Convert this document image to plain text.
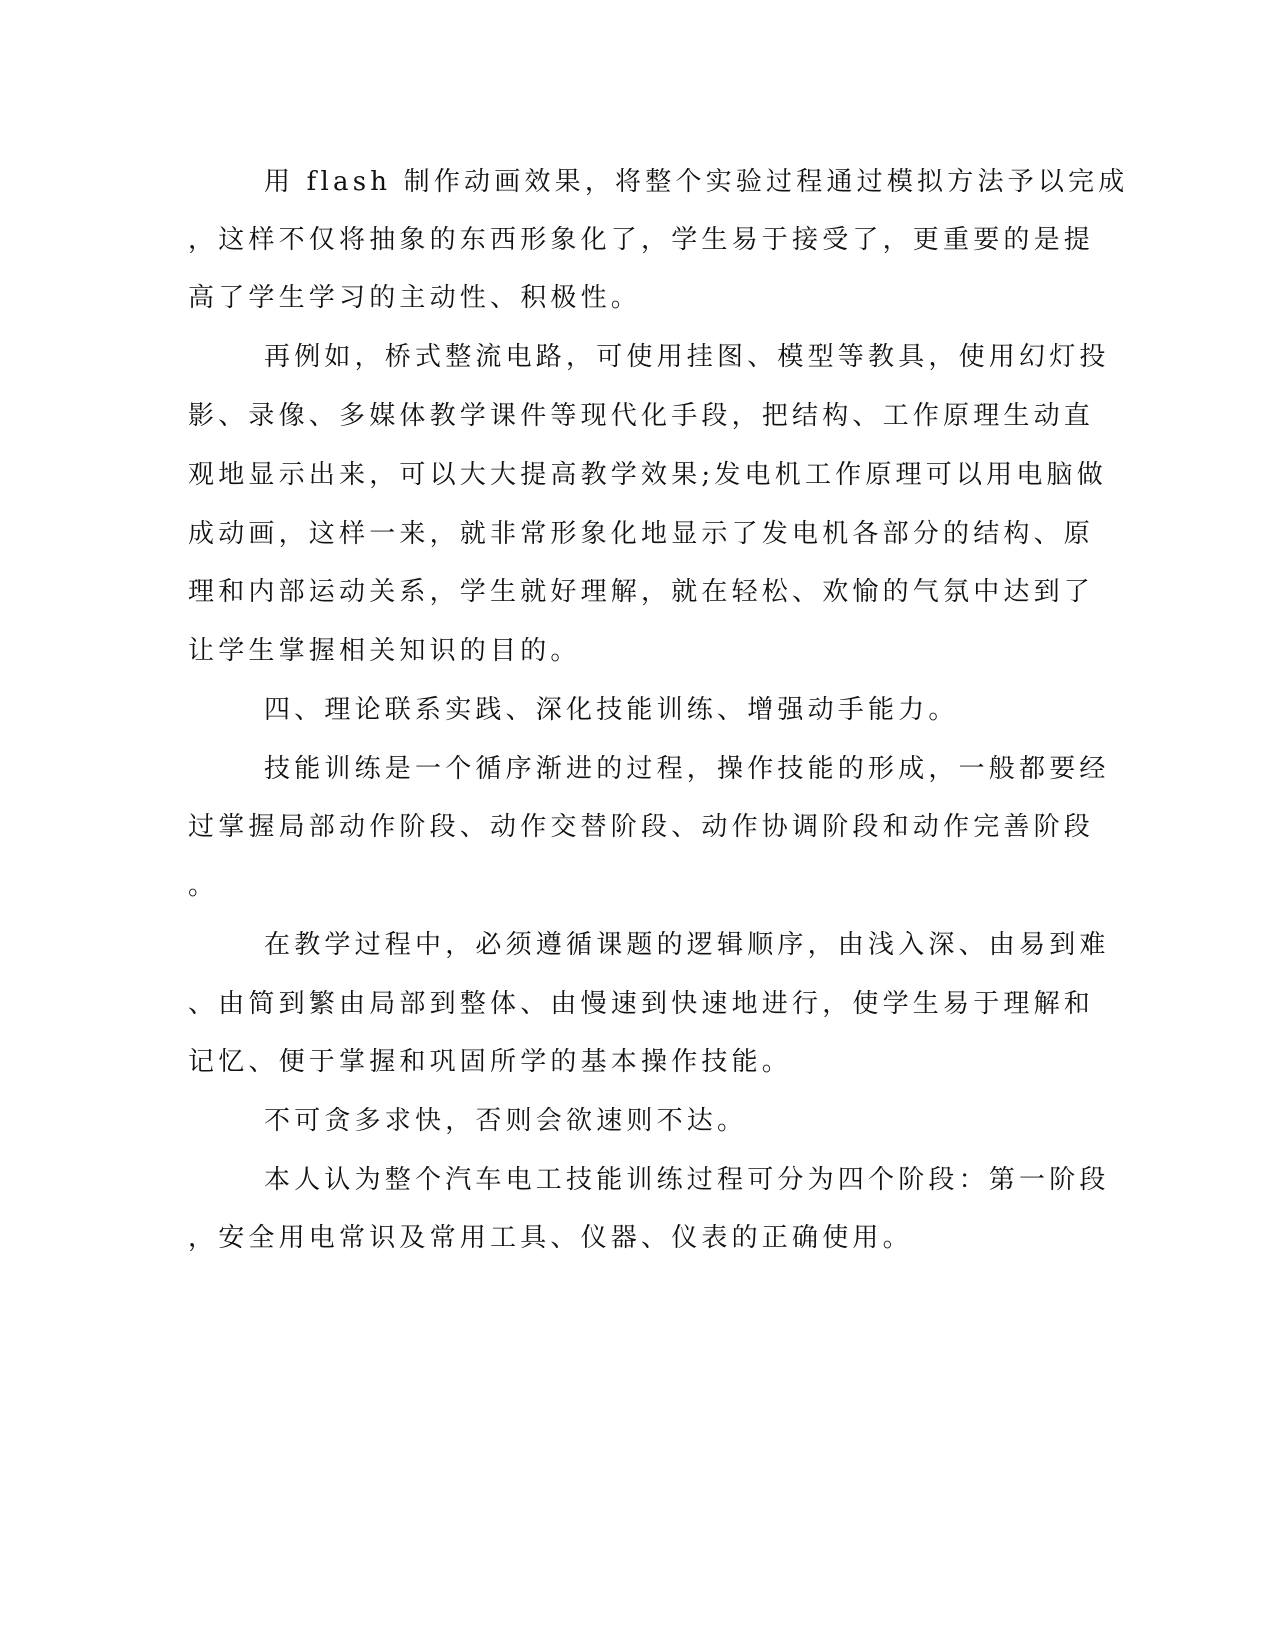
用 flash 制作动画效果，将整个实验过程通过模拟方法予以完成
，这样不仅将抽象的东西形象化了，学生易于接受了，更重要的是提
高了学生学习的主动性、积极性。
再例如，桥式整流电路，可使用挂图、模型等教具，使用幻灯投
影、录像、多媒体教学课件等现代化手段，把结构、工作原理生动直
观地显示出来，可以大大提高教学效果;发电机工作原理可以用电脑做
成动画，这样一来，就非常形象化地显示了发电机各部分的结构、原
理和内部运动关系，学生就好理解，就在轻松、欢愉的气氛中达到了
让学生掌握相关知识的目的。
四、理论联系实践、深化技能训练、增强动手能力。
技能训练是一个循序渐进的过程，操作技能的形成，一般都要经
过掌握局部动作阶段、动作交替阶段、动作协调阶段和动作完善阶段
。
在教学过程中，必须遵循课题的逻辑顺序，由浅入深、由易到难
、由简到繁由局部到整体、由慢速到快速地进行，使学生易于理解和
记忆、便于掌握和巩固所学的基本操作技能。
不可贪多求快，否则会欲速则不达。
本人认为整个汽车电工技能训练过程可分为四个阶段：第一阶段
，安全用电常识及常用工具、仪器、仪表的正确使用。
